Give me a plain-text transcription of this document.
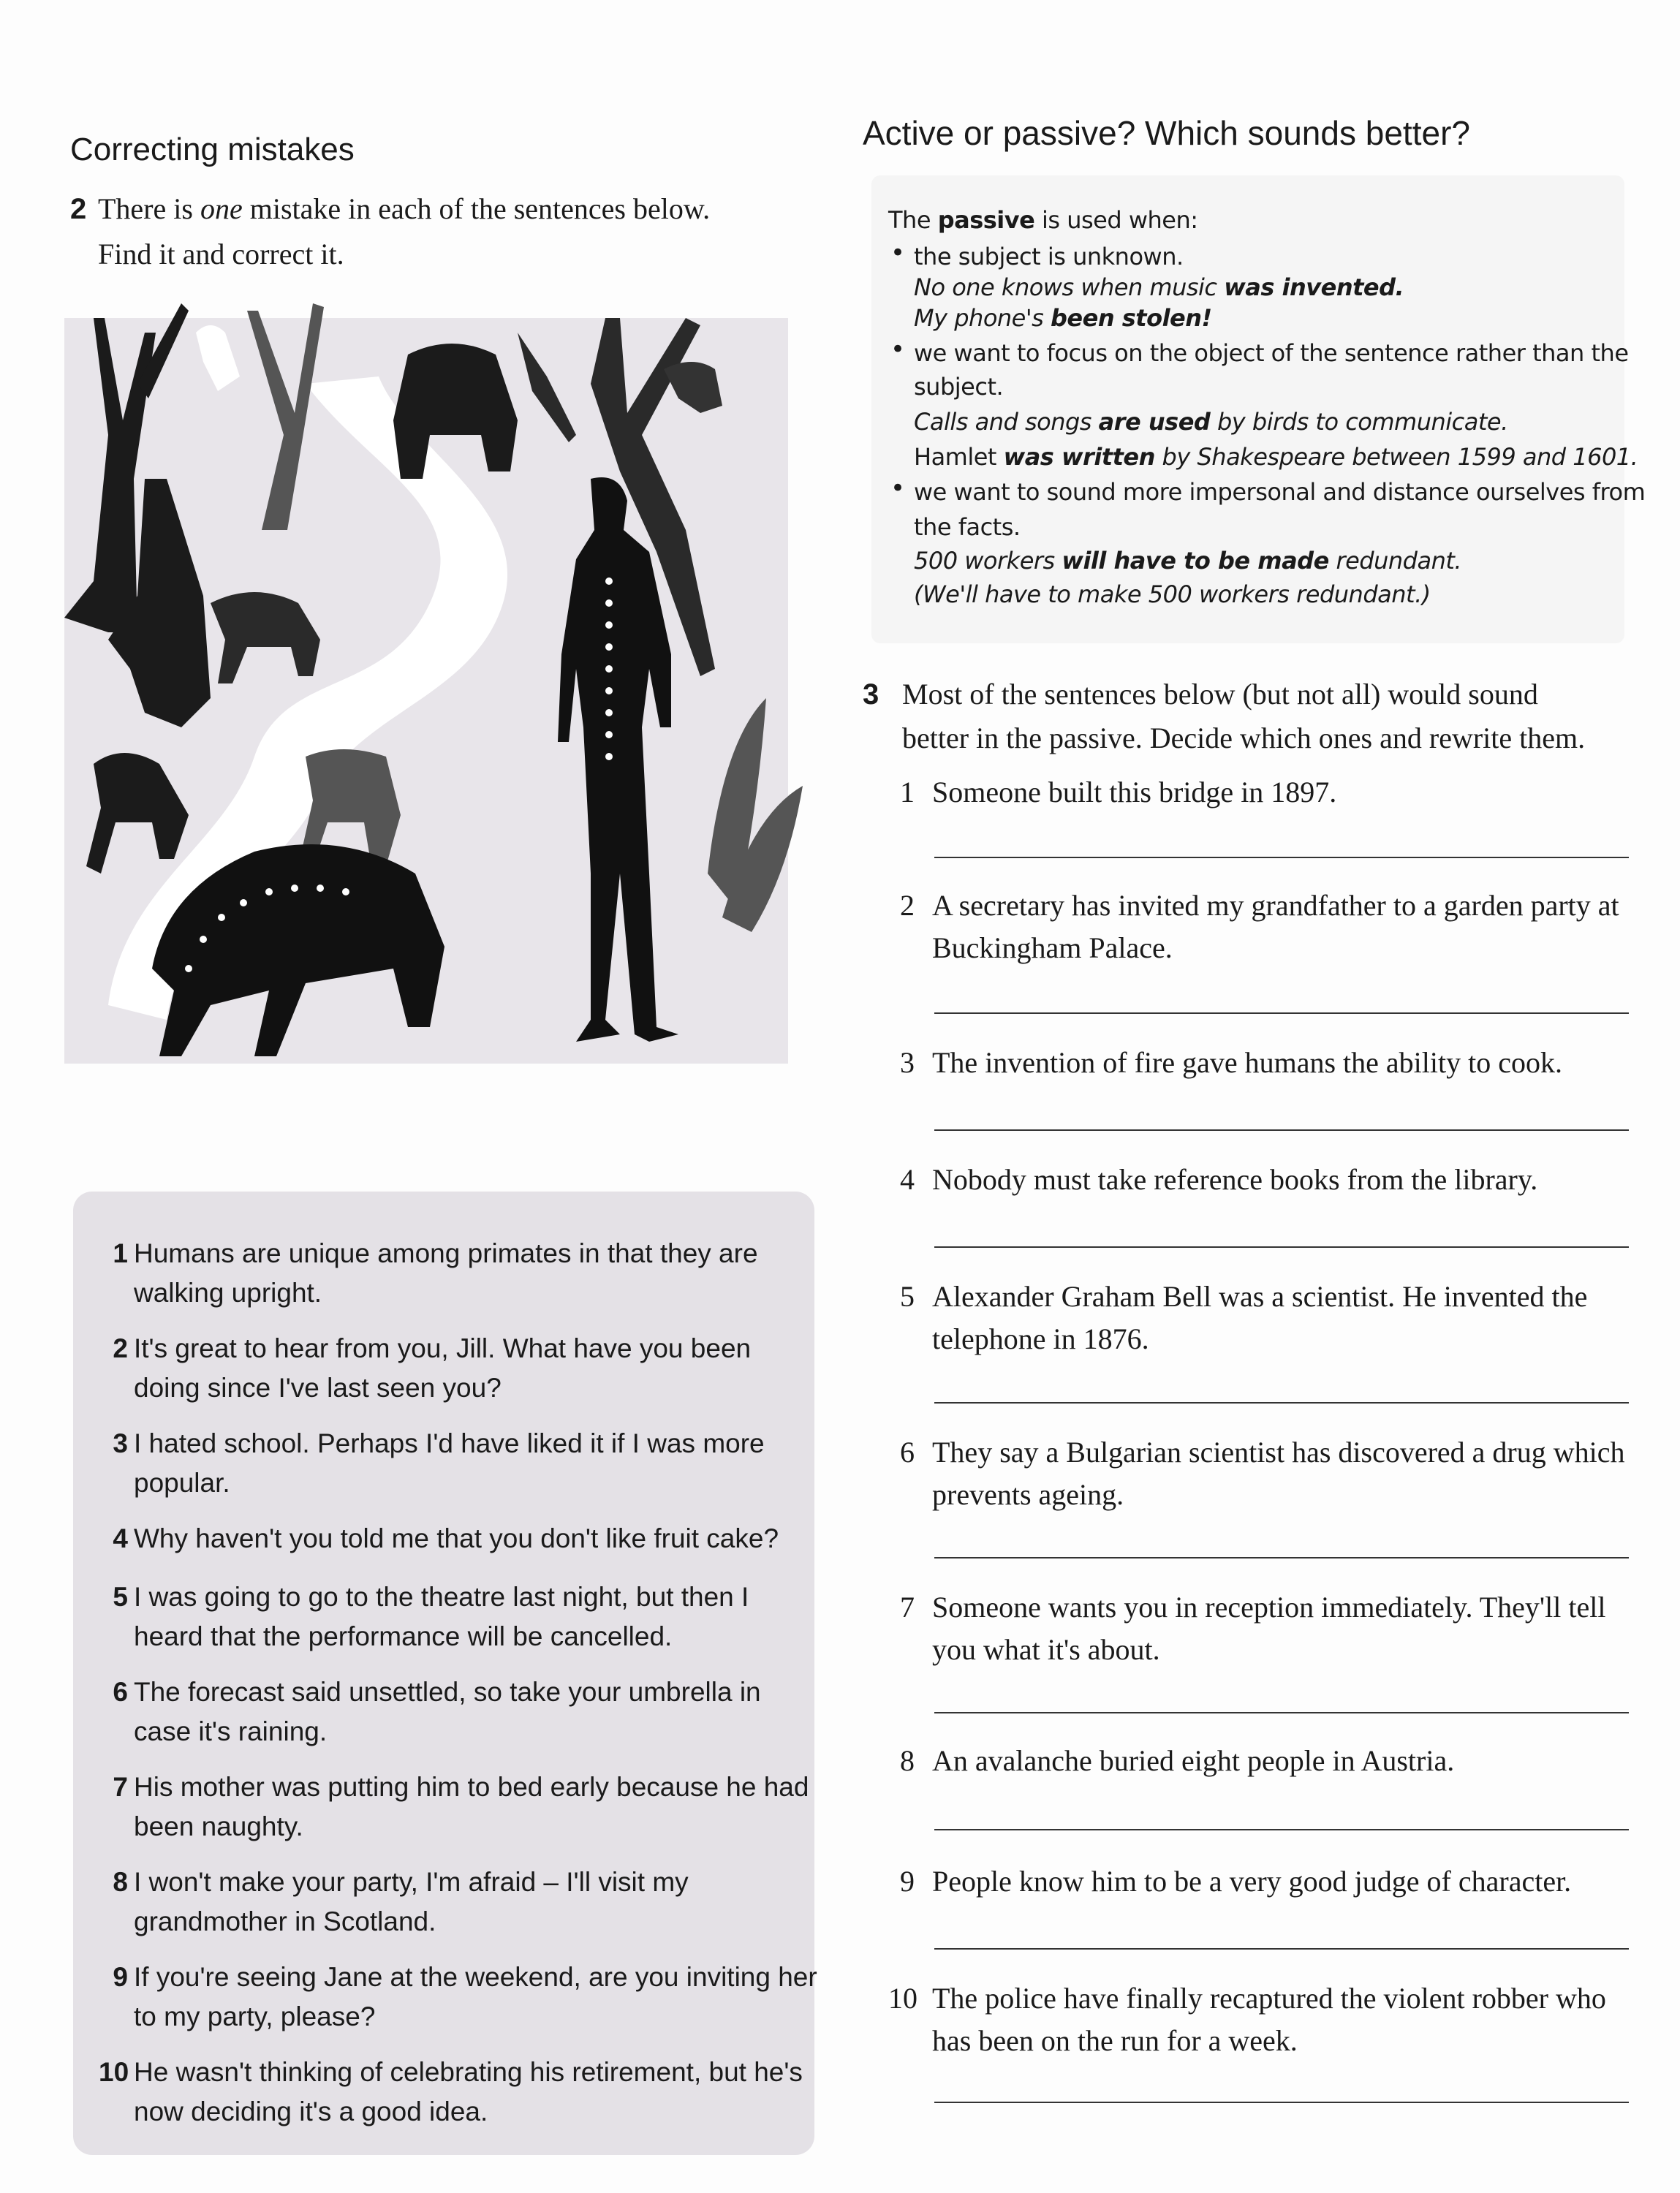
Correcting mistakes
2 There is one mistake in each of the sentences below.
Find it and correct it.
1 Humans are unique among primates in that they are walking upright.
2 It's great to hear from you, Jill. What have you been doing since I've last seen you?
3 I hated school. Perhaps I'd have liked it if I was more popular.
4 Why haven't you told me that you don't like fruit cake?
5 I was going to go to the theatre last night, but then I heard that the performance will be cancelled.
6 The forecast said unsettled, so take your umbrella in case it's raining.
7 His mother was putting him to bed early because he had been naughty.
8 I won't make your party, I'm afraid – I'll visit my grandmother in Scotland.
9 If you're seeing Jane at the weekend, are you inviting her to my party, please?
10 He wasn't thinking of celebrating his retirement, but he's now deciding it's a good idea.
Active or passive? Which sounds better?
The passive is used when:
• the subject is unknown.
No one knows when music was invented.
My phone's been stolen!
• we want to focus on the object of the sentence rather than the
subject.
Calls and songs are used by birds to communicate.
Hamlet was written by Shakespeare between 1599 and 1601.
• we want to sound more impersonal and distance ourselves from
the facts.
500 workers will have to be made redundant.
(We'll have to make 500 workers redundant.)
3 Most of the sentences below (but not all) would sound
better in the passive. Decide which ones and rewrite them.
1 Someone built this bridge in 1897.
2 A secretary has invited my grandfather to a garden party at Buckingham Palace.
3 The invention of fire gave humans the ability to cook.
4 Nobody must take reference books from the library.
5 Alexander Graham Bell was a scientist. He invented the telephone in 1876.
6 They say a Bulgarian scientist has discovered a drug which prevents ageing.
7 Someone wants you in reception immediately. They'll tell you what it's about.
8 An avalanche buried eight people in Austria.
9 People know him to be a very good judge of character.
10 The police have finally recaptured the violent robber who has been on the run for a week.
